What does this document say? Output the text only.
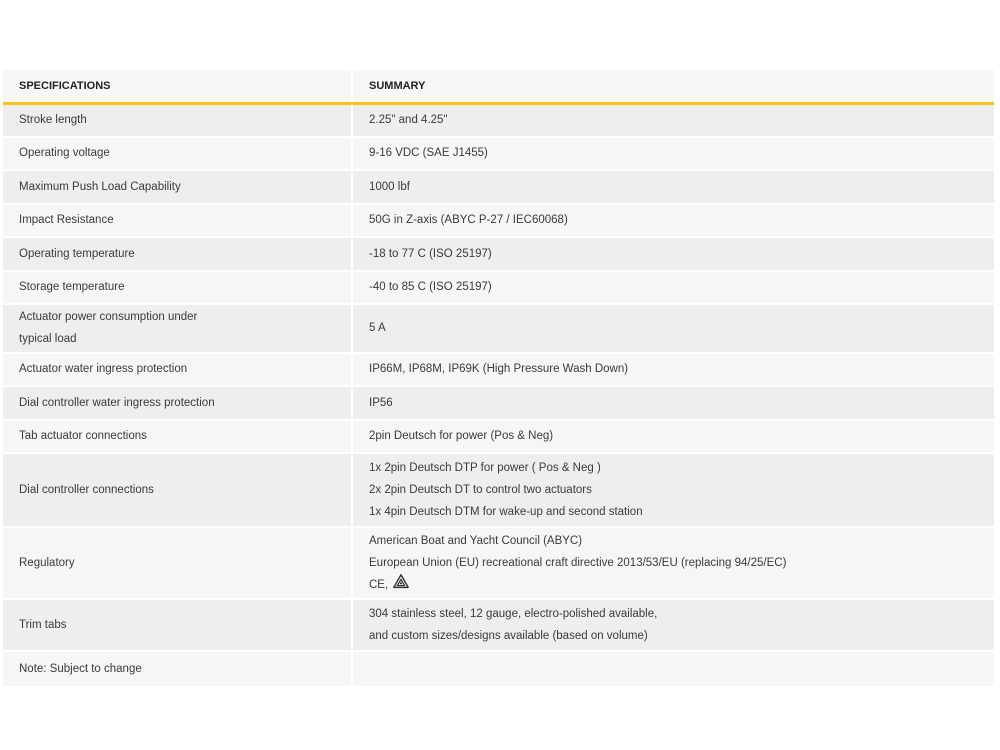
SPECIFICATIONS	SUMMARY
Stroke length	2.25" and 4.25"
Operating voltage	9-16 VDC (SAE J1455)
Maximum Push Load Capability	1000 lbf
Impact Resistance	50G in Z-axis (ABYC P-27 / IEC60068)
Operating temperature	-18 to 77 C (ISO 25197)
Storage temperature	-40 to 85 C (ISO 25197)

Actuator power consumption under
typical load	5 A
Actuator water ingress protection	IP66M, IP68M, IP69K (High Pressure Wash Down)
Dial controller water ingress protection	IP56
Tab actuator connections	2pin Deutsch for power (Pos & Neg)
Dial controller connections	1x 2pin Deutsch DTP for power ( Pos & Neg )
2x 2pin Deutsch DT to control two actuators
1x 4pin Deutsch DTM for wake-up and second station

Regulatory	American Boat and Yacht Council (ABYC)
European Union (EU) recreational craft directive 2013/53/EU (replacing 94/25/EC)
CE,

Trim tabs	304 stainless steel, 12 gauge, electro-polished available,
and custom sizes/designs available (based on volume)

Note: Subject to change	
